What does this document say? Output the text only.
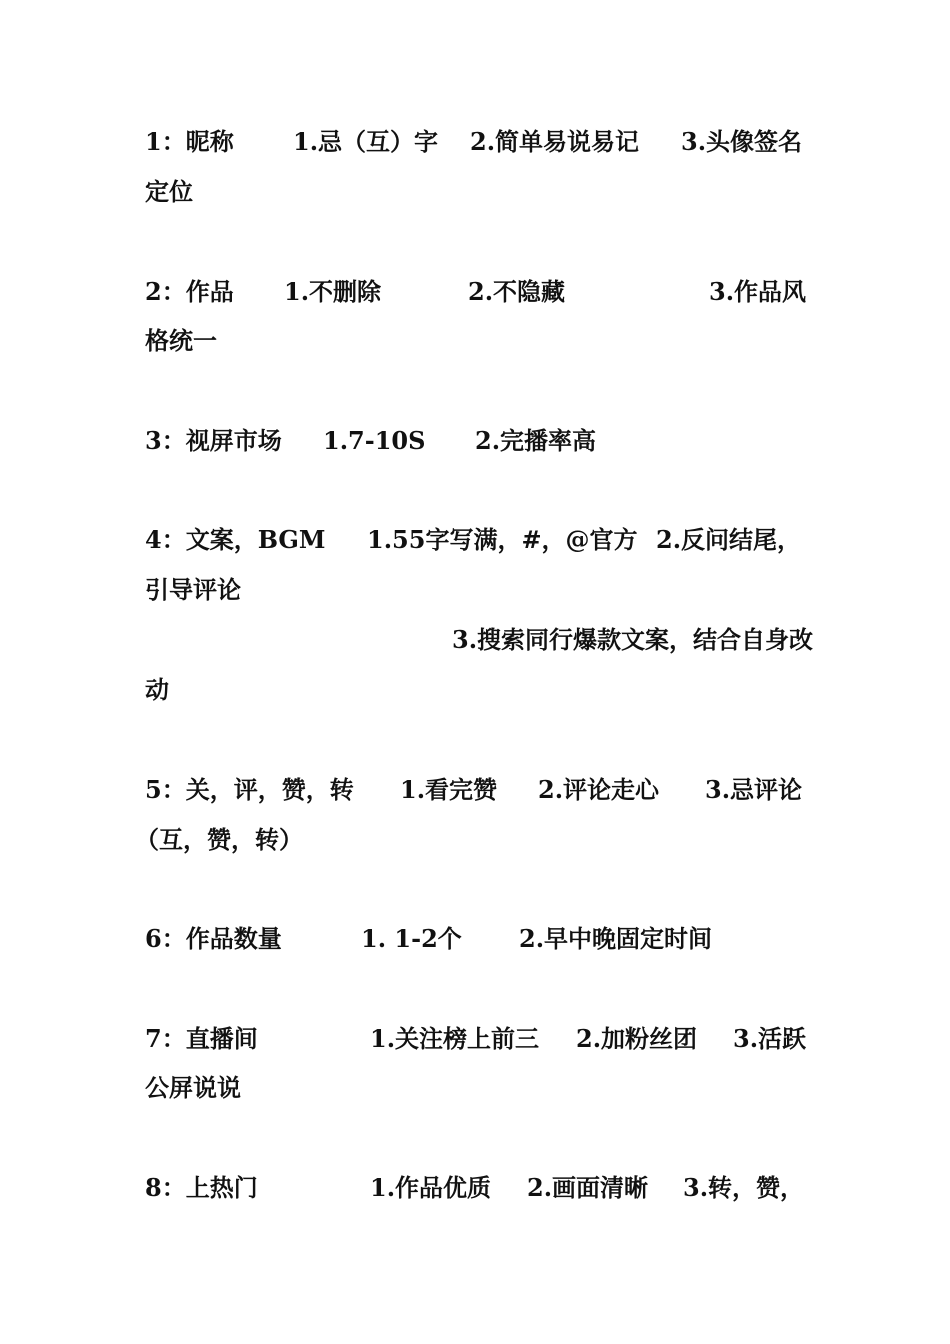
1：昵称 1.忌（互）字 2.简单易说易记 3.头像签名
定位
2：作品 1.不删除	2.不隐藏	3.作品风
格统一
3：视屏市场 1.7-10S 2.完播率高
4：文案，BGM 1.55字写满，#，@官方 2.反问结尾，
引导评论
3.搜索同行爆款文案，结合自身改
动
5：关，评，赞，转 1.看完赞 2.评论走心 3.忌评论
（互，赞，转）
6：作品数量	1. 1-2个 2.早中晚固定时间
7：直播间	1.关注榜上前三 2.加粉丝团 3.活跃
公屏说说
8：上热门	1.作品优质 2.画面清晰 3.转，赞，
